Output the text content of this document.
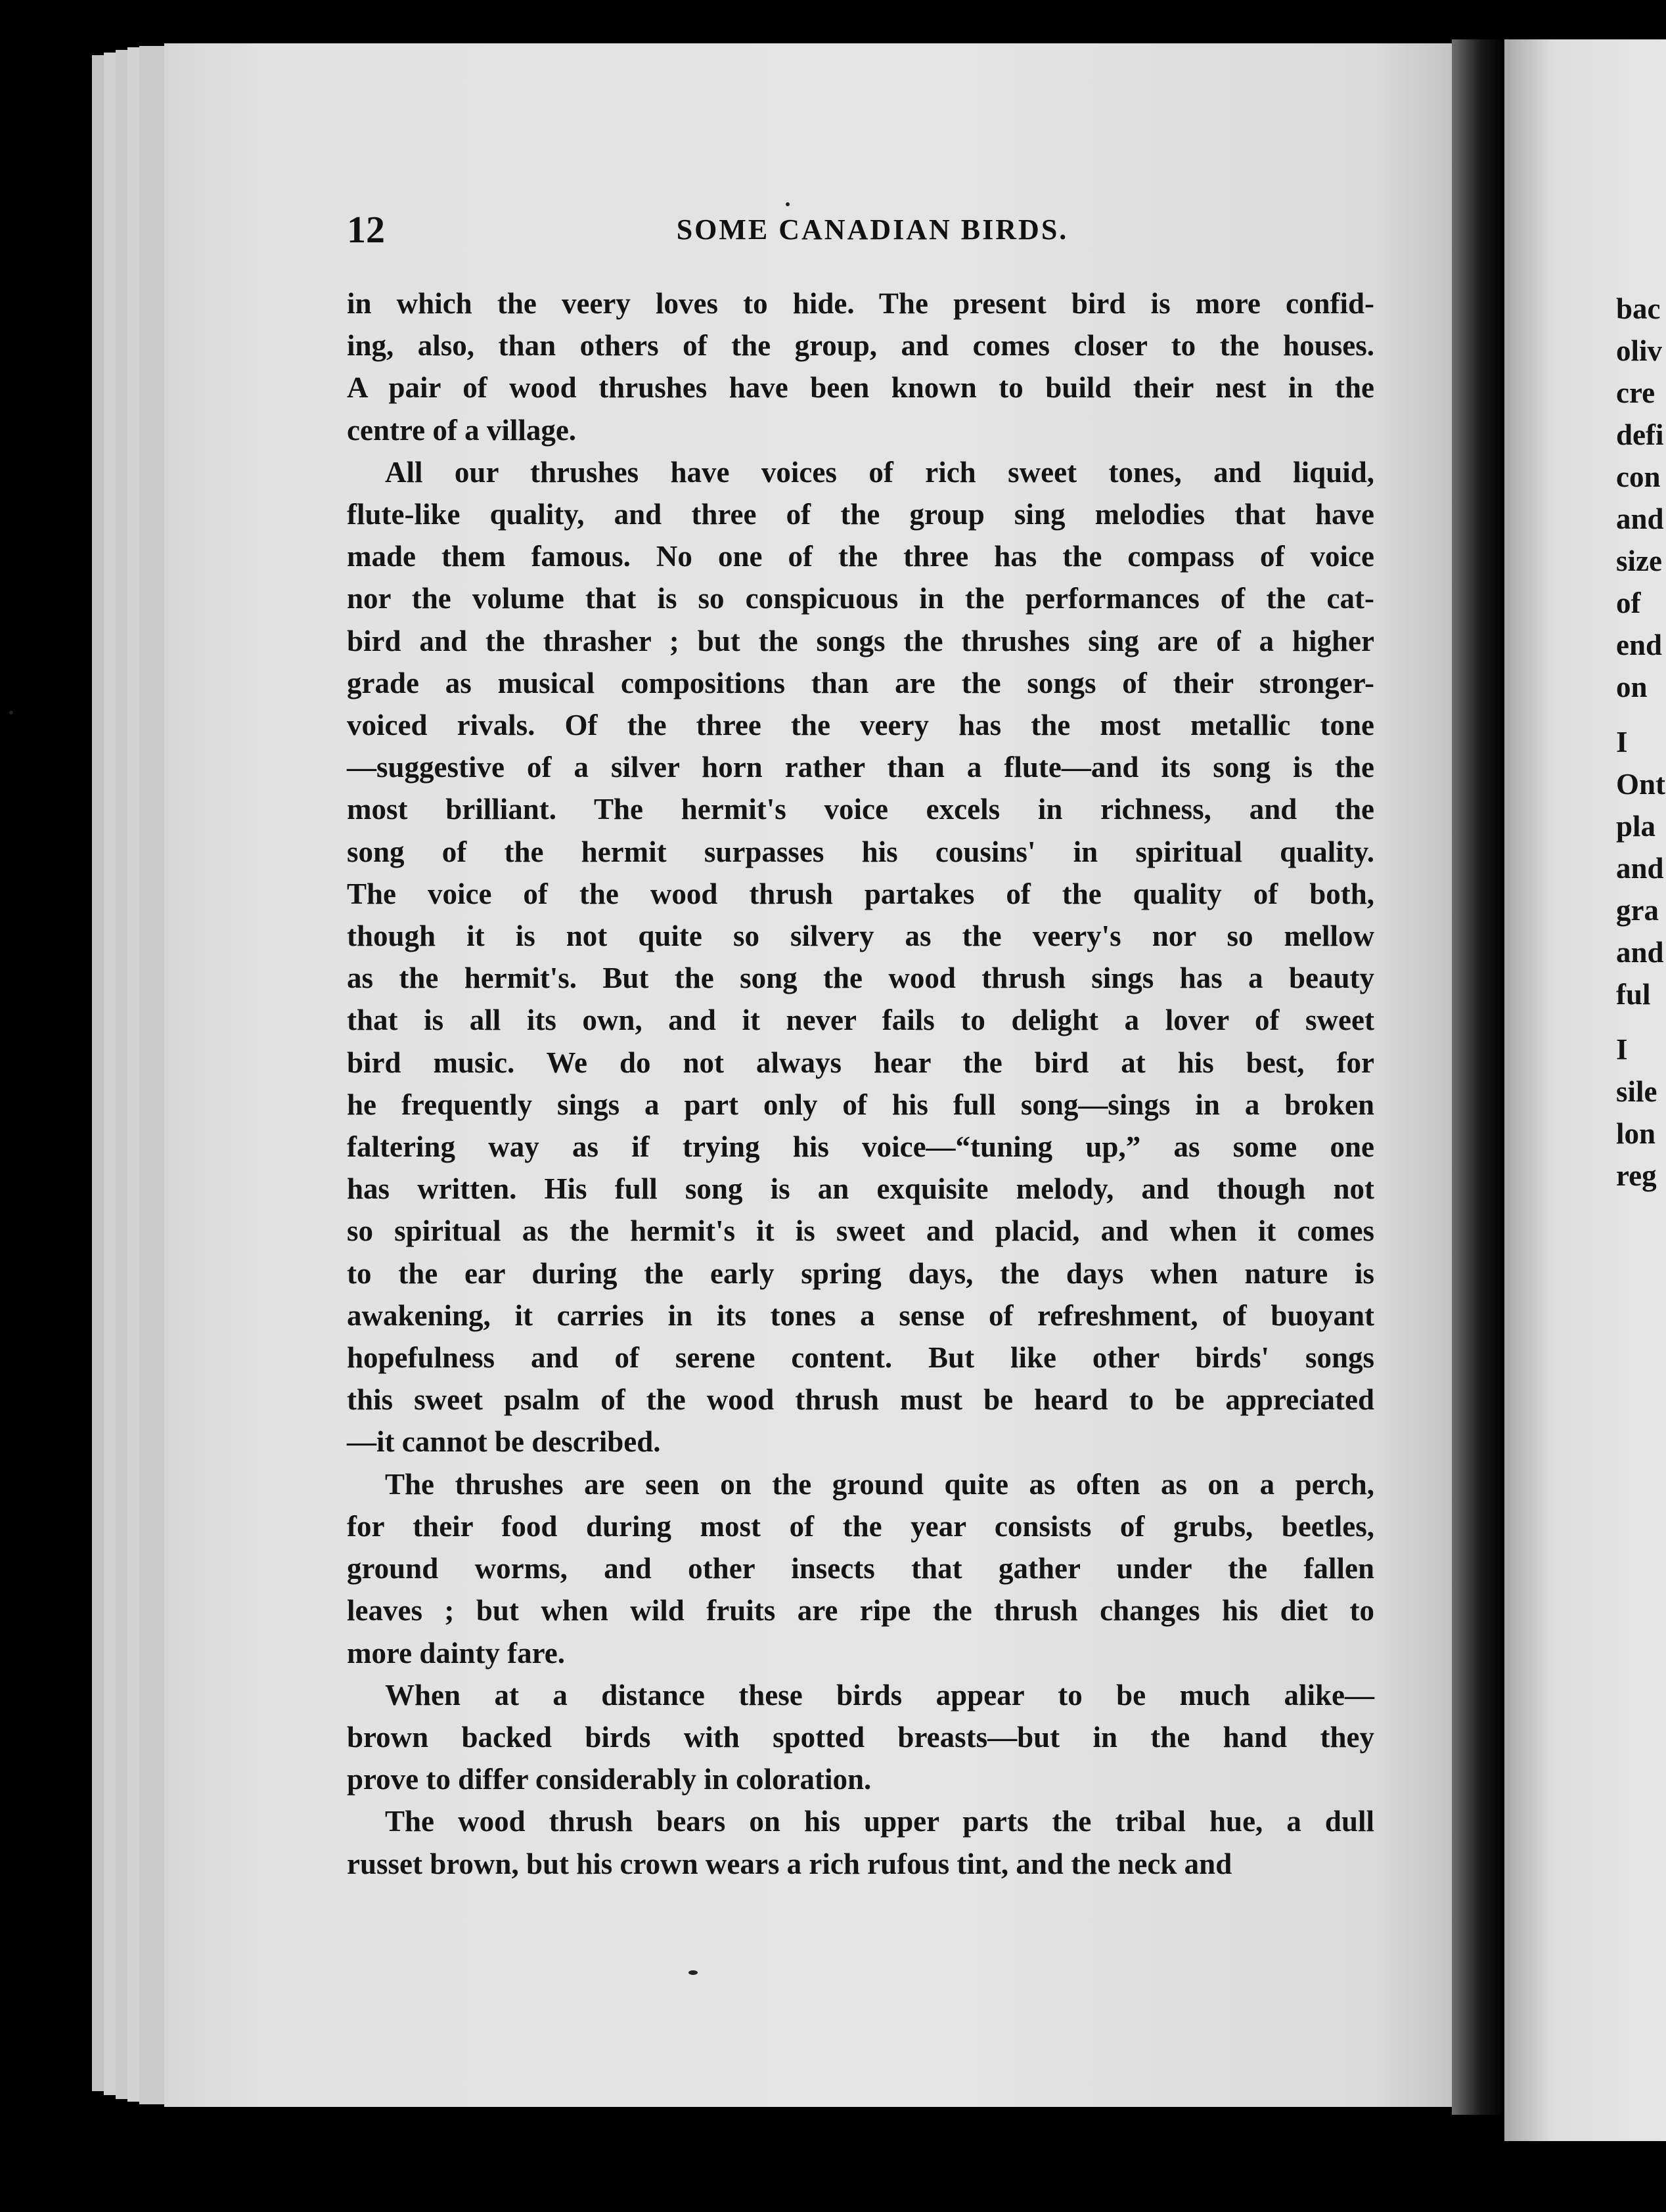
12	SOME CANADIAN BIRDS.
in which the veery loves to hide. The present bird is more confid-
ing, also, than others of the group, and comes closer to the houses.
A pair of wood thrushes have been known to build their nest in the
centre of a village.
All our thrushes have voices of rich sweet tones, and liquid,
flute-like quality, and three of the group sing melodies that have
made them famous. No one of the three has the compass of voice
nor the volume that is so conspicuous in the performances of the cat-
bird and the thrasher ; but the songs the thrushes sing are of a higher
grade as musical compositions than are the songs of their stronger-
voiced rivals. Of the three the veery has the most metallic tone
—suggestive of a silver horn rather than a flute—and its song is the
most brilliant. The hermit's voice excels in richness, and the
song of the hermit surpasses his cousins' in spiritual quality.
The voice of the wood thrush partakes of the quality of both,
though it is not quite so silvery as the veery's nor so mellow
as the hermit's. But the song the wood thrush sings has a beauty
that is all its own, and it never fails to delight a lover of sweet
bird music. We do not always hear the bird at his best, for
he frequently sings a part only of his full song—sings in a broken
faltering way as if trying his voice—“tuning up,” as some one
has written. His full song is an exquisite melody, and though not
so spiritual as the hermit's it is sweet and placid, and when it comes
to the ear during the early spring days, the days when nature is
awakening, it carries in its tones a sense of refreshment, of buoyant
hopefulness and of serene content. But like other birds' songs
this sweet psalm of the wood thrush must be heard to be appreciated
—it cannot be described.
The thrushes are seen on the ground quite as often as on a perch,
for their food during most of the year consists of grubs, beetles,
ground worms, and other insects that gather under the fallen
leaves ; but when wild fruits are ripe the thrush changes his diet to
more dainty fare.
When at a distance these birds appear to be much alike—
brown backed birds with spotted breasts—but in the hand they
prove to differ considerably in coloration.
The wood thrush bears on his upper parts the tribal hue, a dull
russet brown, but his crown wears a rich rufous tint, and the neck and
bac
oliv
cre
defi
con
and
size
of
end
on
I
Ont
pla
and
gra
and
ful
I
sile
lon
reg
